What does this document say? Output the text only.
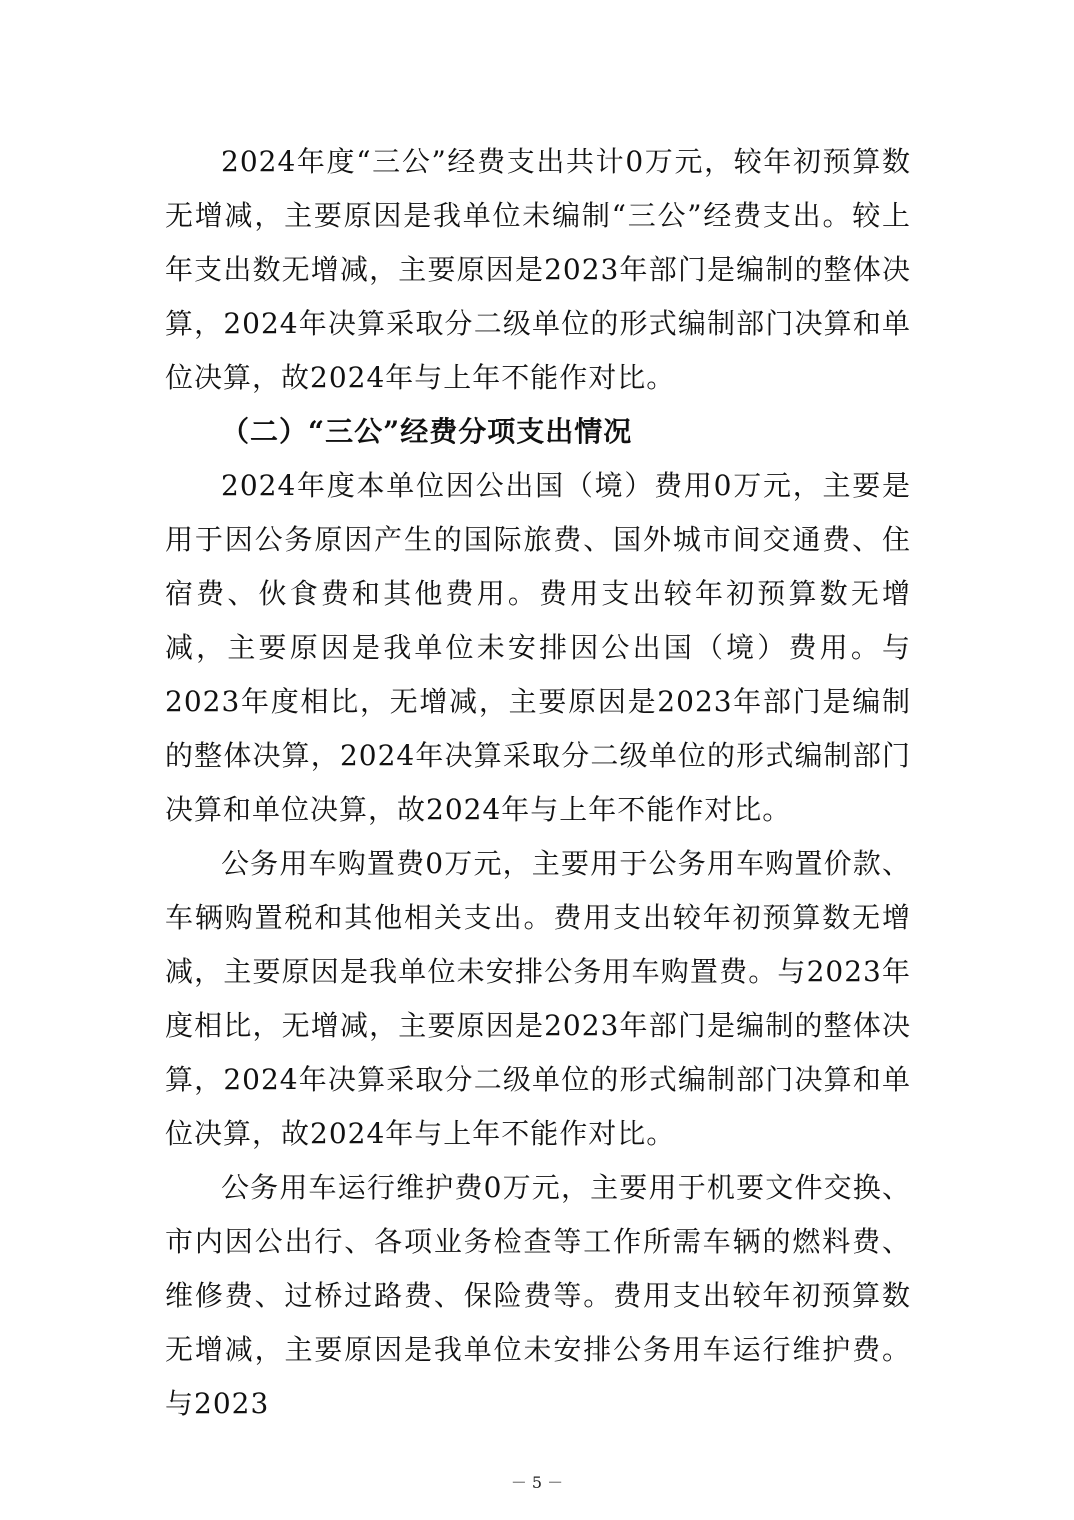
2024年度“三公”经费支出共计0万元，较年初预算数无增减，主要原因是我单位未编制“三公”经费支出。较上年支出数无增减，主要原因是2023年部门是编制的整体决算，2024年决算采取分二级单位的形式编制部门决算和单位决算，故2024年与上年不能作对比。

（二）“三公”经费分项支出情况

2024年度本单位因公出国（境）费用0万元，主要是用于因公务原因产生的国际旅费、国外城市间交通费、住宿费、伙食费和其他费用。费用支出较年初预算数无增减，主要原因是我单位未安排因公出国（境）费用。与2023年度相比，无增减，主要原因是2023年部门是编制的整体决算，2024年决算采取分二级单位的形式编制部门决算和单位决算，故2024年与上年不能作对比。

公务用车购置费0万元，主要用于公务用车购置价款、车辆购置税和其他相关支出。费用支出较年初预算数无增减，主要原因是我单位未安排公务用车购置费。与2023年度相比，无增减，主要原因是2023年部门是编制的整体决算，2024年决算采取分二级单位的形式编制部门决算和单位决算，故2024年与上年不能作对比。

公务用车运行维护费0万元，主要用于机要文件交换、市内因公出行、各项业务检查等工作所需车辆的燃料费、维修费、过桥过路费、保险费等。费用支出较年初预算数无增减，主要原因是我单位未安排公务用车运行维护费。与2023

－ 5 －
